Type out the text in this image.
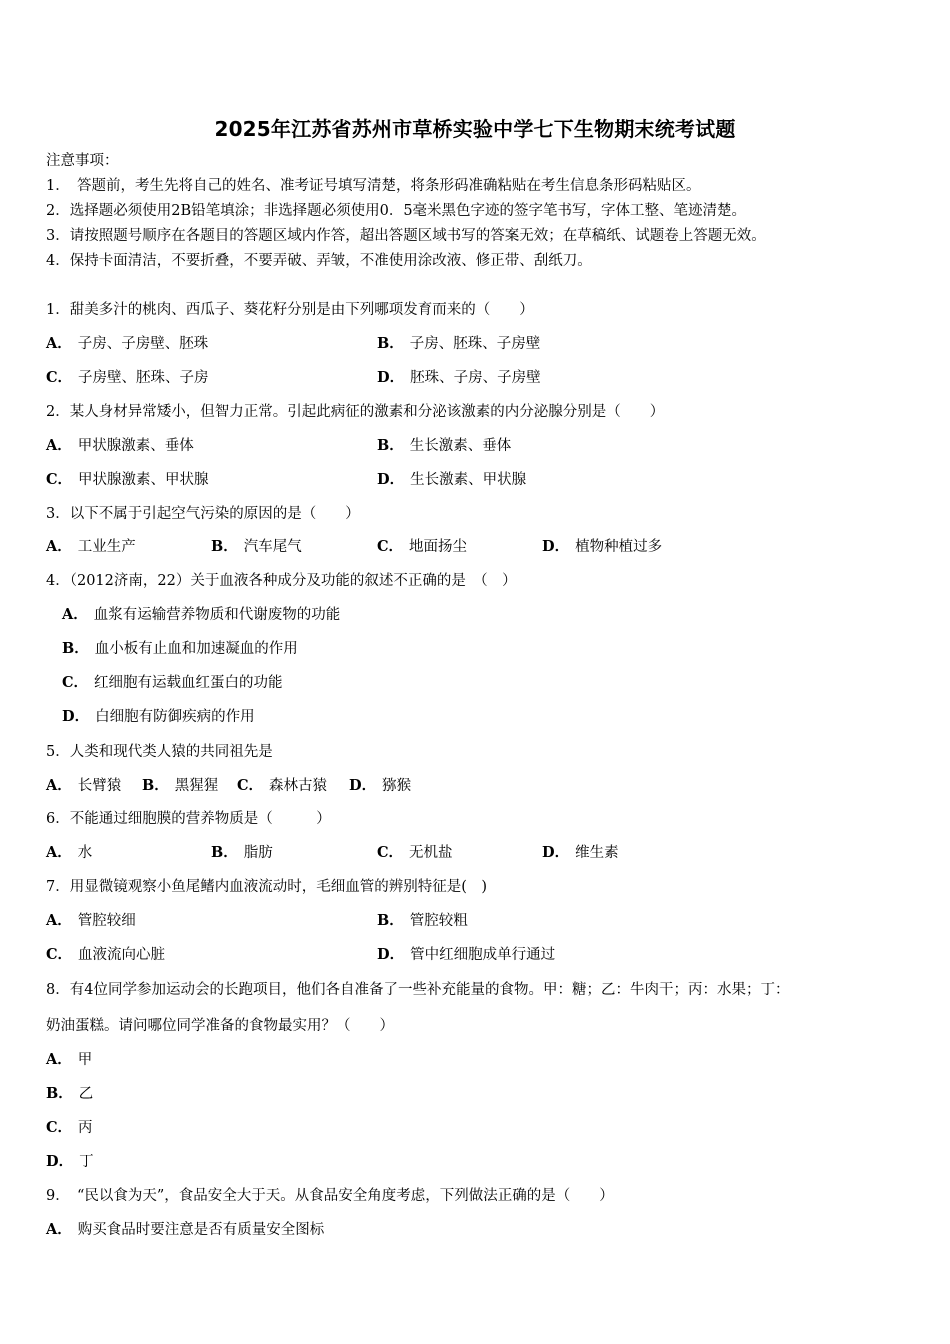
2025年江苏省苏州市草桥实验中学七下生物期末统考试题
注意事项：
1．　答题前，考生先将自己的姓名、准考证号填写清楚，将条形码准确粘贴在考生信息条形码粘贴区。
2．选择题必须使用2B铅笔填涂；非选择题必须使用0．5毫米黑色字迹的签字笔书写，字体工整、笔迹清楚。
3．请按照题号顺序在各题目的答题区域内作答，超出答题区域书写的答案无效；在草稿纸、试题卷上答题无效。
4．保持卡面清洁，不要折叠，不要弄破、弄皱，不准使用涂改液、修正带、刮纸刀。
1．甜美多汁的桃肉、西瓜子、葵花籽分别是由下列哪项发育而来的（　　）
A． 子房、子房壁、胚珠	B． 子房、胚珠、子房壁
C． 子房壁、胚珠、子房	D． 胚珠、子房、子房壁
2．某人身材异常矮小，但智力正常。引起此病征的激素和分泌该激素的内分泌腺分别是（　　）
A． 甲状腺激素、垂体	B． 生长激素、垂体
C． 甲状腺激素、甲状腺	D． 生长激素、甲状腺
3．以下不属于引起空气污染的原因的是（　　）
A． 工业生产	B． 汽车尾气	C． 地面扬尘	D． 植物种植过多
4．（2012济南，22）关于血液各种成分及功能的叙述不正确的是　（　）
A． 血浆有运输营养物质和代谢废物的功能
B． 血小板有止血和加速凝血的作用
C． 红细胞有运载血红蛋白的功能
D． 白细胞有防御疾病的作用
5．人类和现代类人猿的共同祖先是
A． 长臂猿 B． 黑猩猩 C． 森林古猿 D． 猕猴
6．不能通过细胞膜的营养物质是（　　　）
A． 水	B． 脂肪	C． 无机盐	D． 维生素
7．用显微镜观察小鱼尾鳍内血液流动时，毛细血管的辨别特征是(　)
A． 管腔较细	B． 管腔较粗
C． 血液流向心脏	D． 管中红细胞成单行通过
8．有4位同学参加运动会的长跑项目，他们各自准备了一些补充能量的食物。甲：糖；乙：牛肉干；丙：水果；丁：
奶油蛋糕。请问哪位同学准备的食物最实用？（　　）
A． 甲
B． 乙
C． 丙
D． 丁
9．　“民以食为天”，食品安全大于天。从食品安全角度考虑，下列做法正确的是（　　）
A． 购买食品时要注意是否有质量安全图标
